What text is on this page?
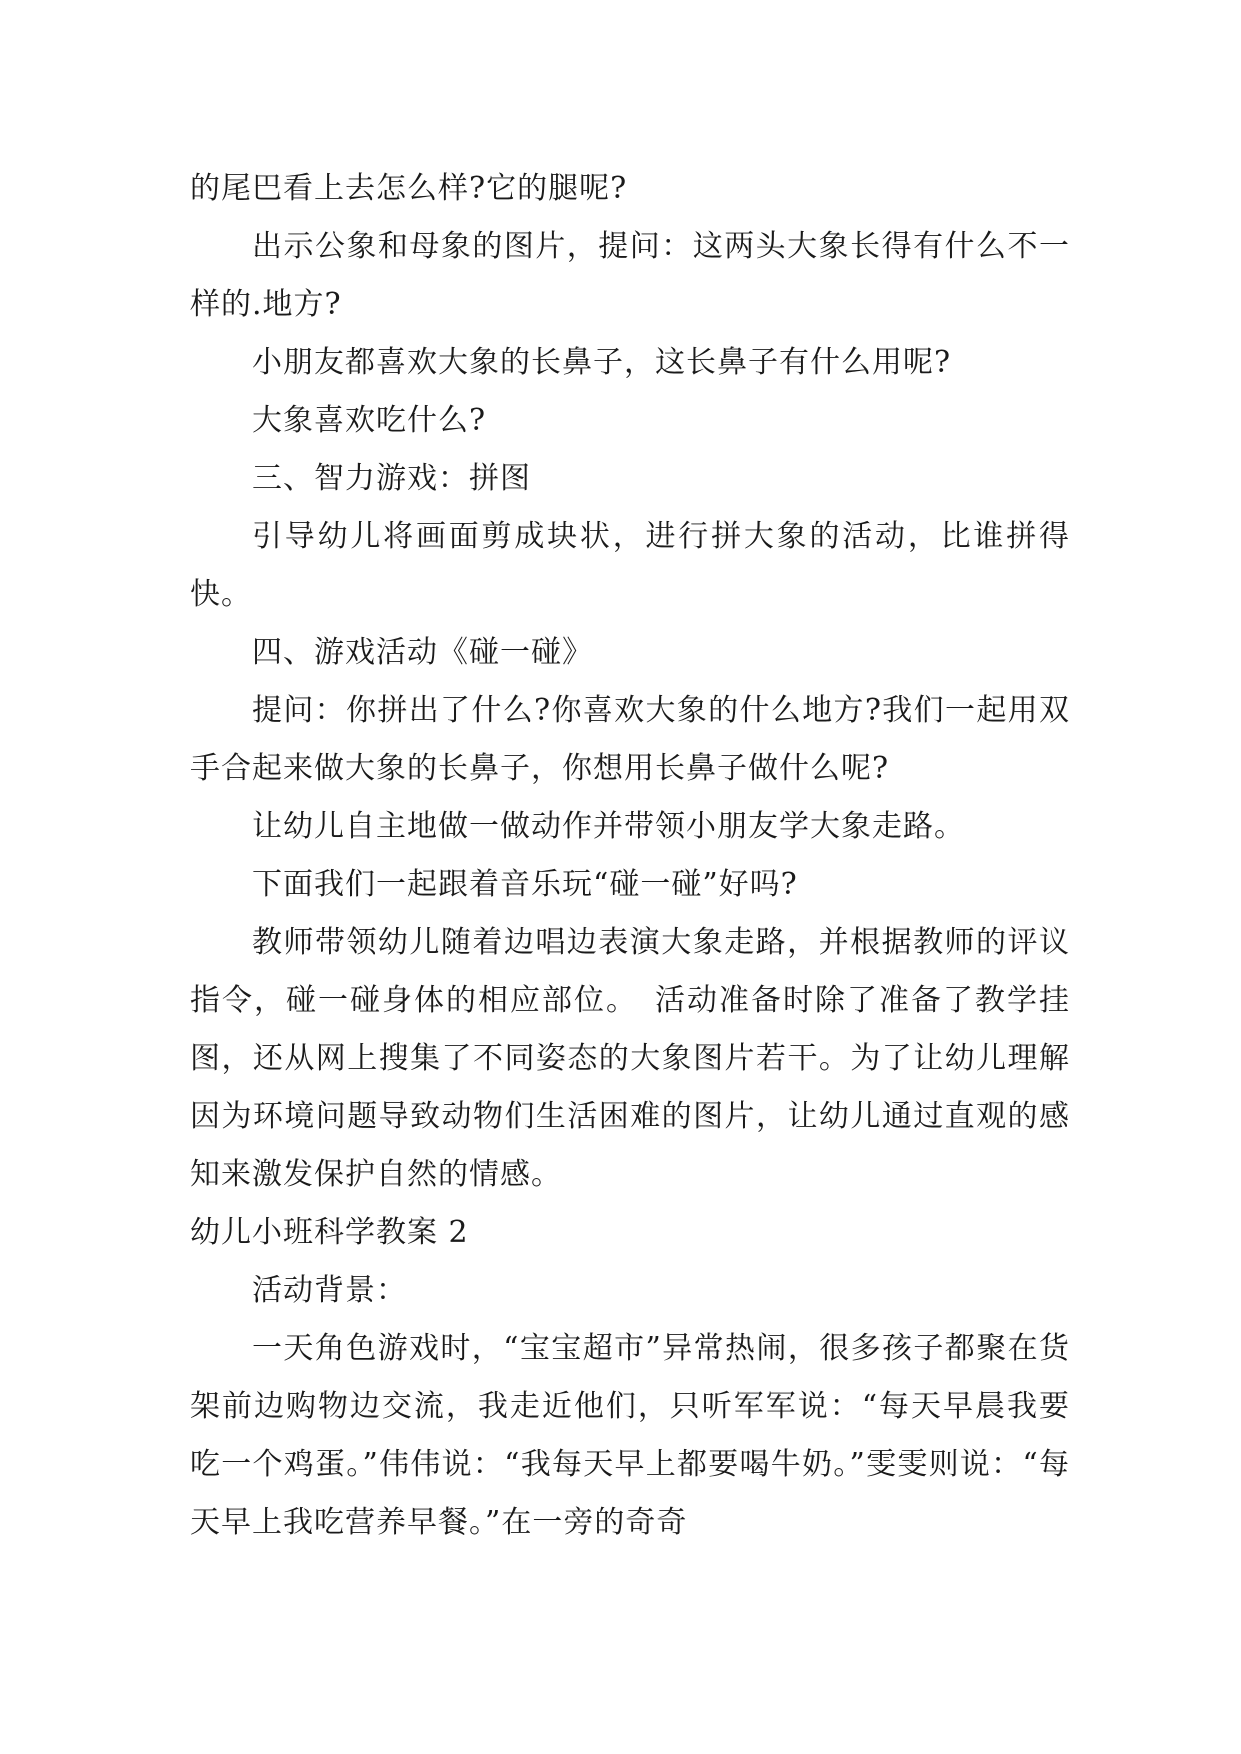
的尾巴看上去怎么样?它的腿呢?

出示公象和母象的图片，提问：这两头大象长得有什么不一样的.地方?

小朋友都喜欢大象的长鼻子，这长鼻子有什么用呢?

大象喜欢吃什么?

三、智力游戏：拼图

引导幼儿将画面剪成块状，进行拼大象的活动，比谁拼得快。

四、游戏活动《碰一碰》

提问：你拼出了什么?你喜欢大象的什么地方?我们一起用双手合起来做大象的长鼻子，你想用长鼻子做什么呢?

让幼儿自主地做一做动作并带领小朋友学大象走路。

下面我们一起跟着音乐玩“碰一碰”好吗?

教师带领幼儿随着边唱边表演大象走路，并根据教师的评议指令，碰一碰身体的相应部位。　活动准备时除了准备了教学挂图，还从网上搜集了不同姿态的大象图片若干。为了让幼儿理解因为环境问题导致动物们生活困难的图片，让幼儿通过直观的感知来激发保护自然的情感。

幼儿小班科学教案 2

活动背景：

一天角色游戏时，“宝宝超市”异常热闹，很多孩子都聚在货架前边购物边交流，我走近他们，只听军军说：“每天早晨我要吃一个鸡蛋。”伟伟说：“我每天早上都要喝牛奶。”雯雯则说：“每天早上我吃营养早餐。”在一旁的奇奇
